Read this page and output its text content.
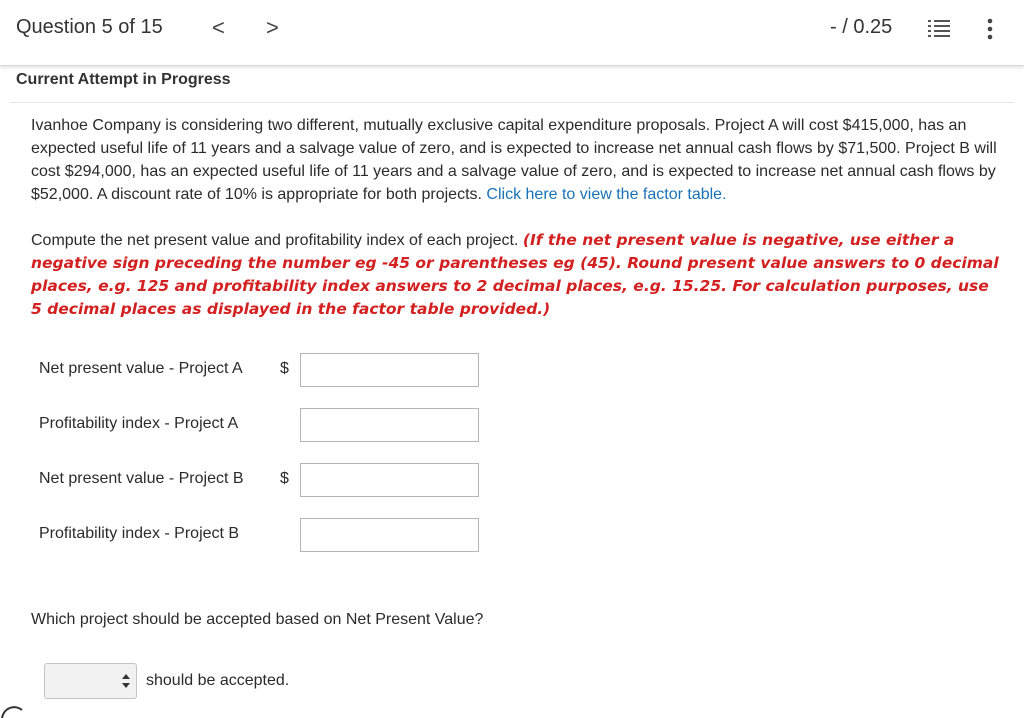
Question 5 of 15 < >	- / 0.25
Current Attempt in Progress
Ivanhoe Company is considering two different, mutually exclusive capital expenditure proposals. Project A will cost $415,000, has an expected useful life of 11 years and a salvage value of zero, and is expected to increase net annual cash flows by $71,500. Project B will cost $294,000, has an expected useful life of 11 years and a salvage value of zero, and is expected to increase net annual cash flows by $52,000. A discount rate of 10% is appropriate for both projects. Click here to view the factor table.
Compute the net present value and profitability index of each project. (If the net present value is negative, use either a negative sign preceding the number eg -45 or parentheses eg (45). Round present value answers to 0 decimal places, e.g. 125 and profitability index answers to 2 decimal places, e.g. 15.25. For calculation purposes, use 5 decimal places as displayed in the factor table provided.)
Net present value - Project A $
Profitability index - Project A
Net present value - Project B $
Profitability index - Project B
Which project should be accepted based on Net Present Value?
should be accepted.
